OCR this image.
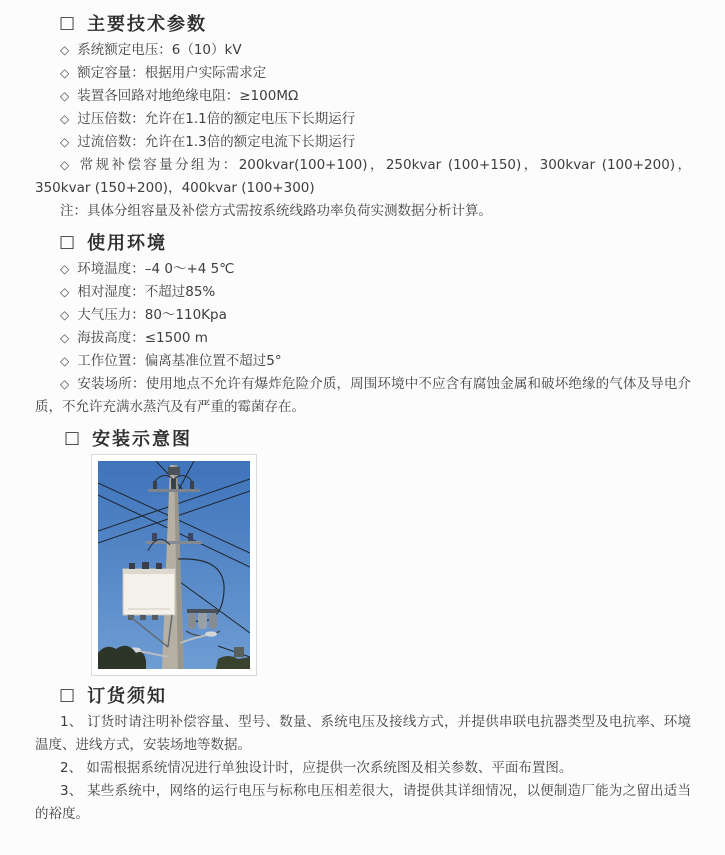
□ 主要技术参数

◇ 系统额定电压：6（10）kV

◇ 额定容量：根据用户实际需求定

◇ 装置各回路对地绝缘电阻：≥100MΩ

◇ 过压倍数：允许在1.1倍的额定电压下长期运行

◇ 过流倍数：允许在1.3倍的额定电流下长期运行

◇ 常规补偿容量分组为：200kvar(100+100)，250kvar (100+150)，300kvar (100+200)，350kvar (150+200)，400kvar (100+300)

注：具体分组容量及补偿方式需按系统线路功率负荷实测数据分析计算。

□ 使用环境

◇ 环境温度：–4 0～+4 5℃

◇ 相对湿度：不超过85%

◇ 大气压力：80～110Kpa

◇ 海拔高度：≤1500 m

◇ 工作位置：偏离基准位置不超过5°

◇ 安装场所：使用地点不允许有爆炸危险介质，周围环境中不应含有腐蚀金属和破坏绝缘的气体及导电介质，不允许充满水蒸汽及有严重的霉菌存在。

□ 安装示意图
□ 订货须知

1、 订货时请注明补偿容量、型号、数量、系统电压及接线方式，并提供串联电抗器类型及电抗率、环境温度、进线方式，安装场地等数据。

2、 如需根据系统情况进行单独设计时，应提供一次系统图及相关参数、平面布置图。

3、 某些系统中，网络的运行电压与标称电压相差很大，请提供其详细情况，以便制造厂能为之留出适当的裕度。
